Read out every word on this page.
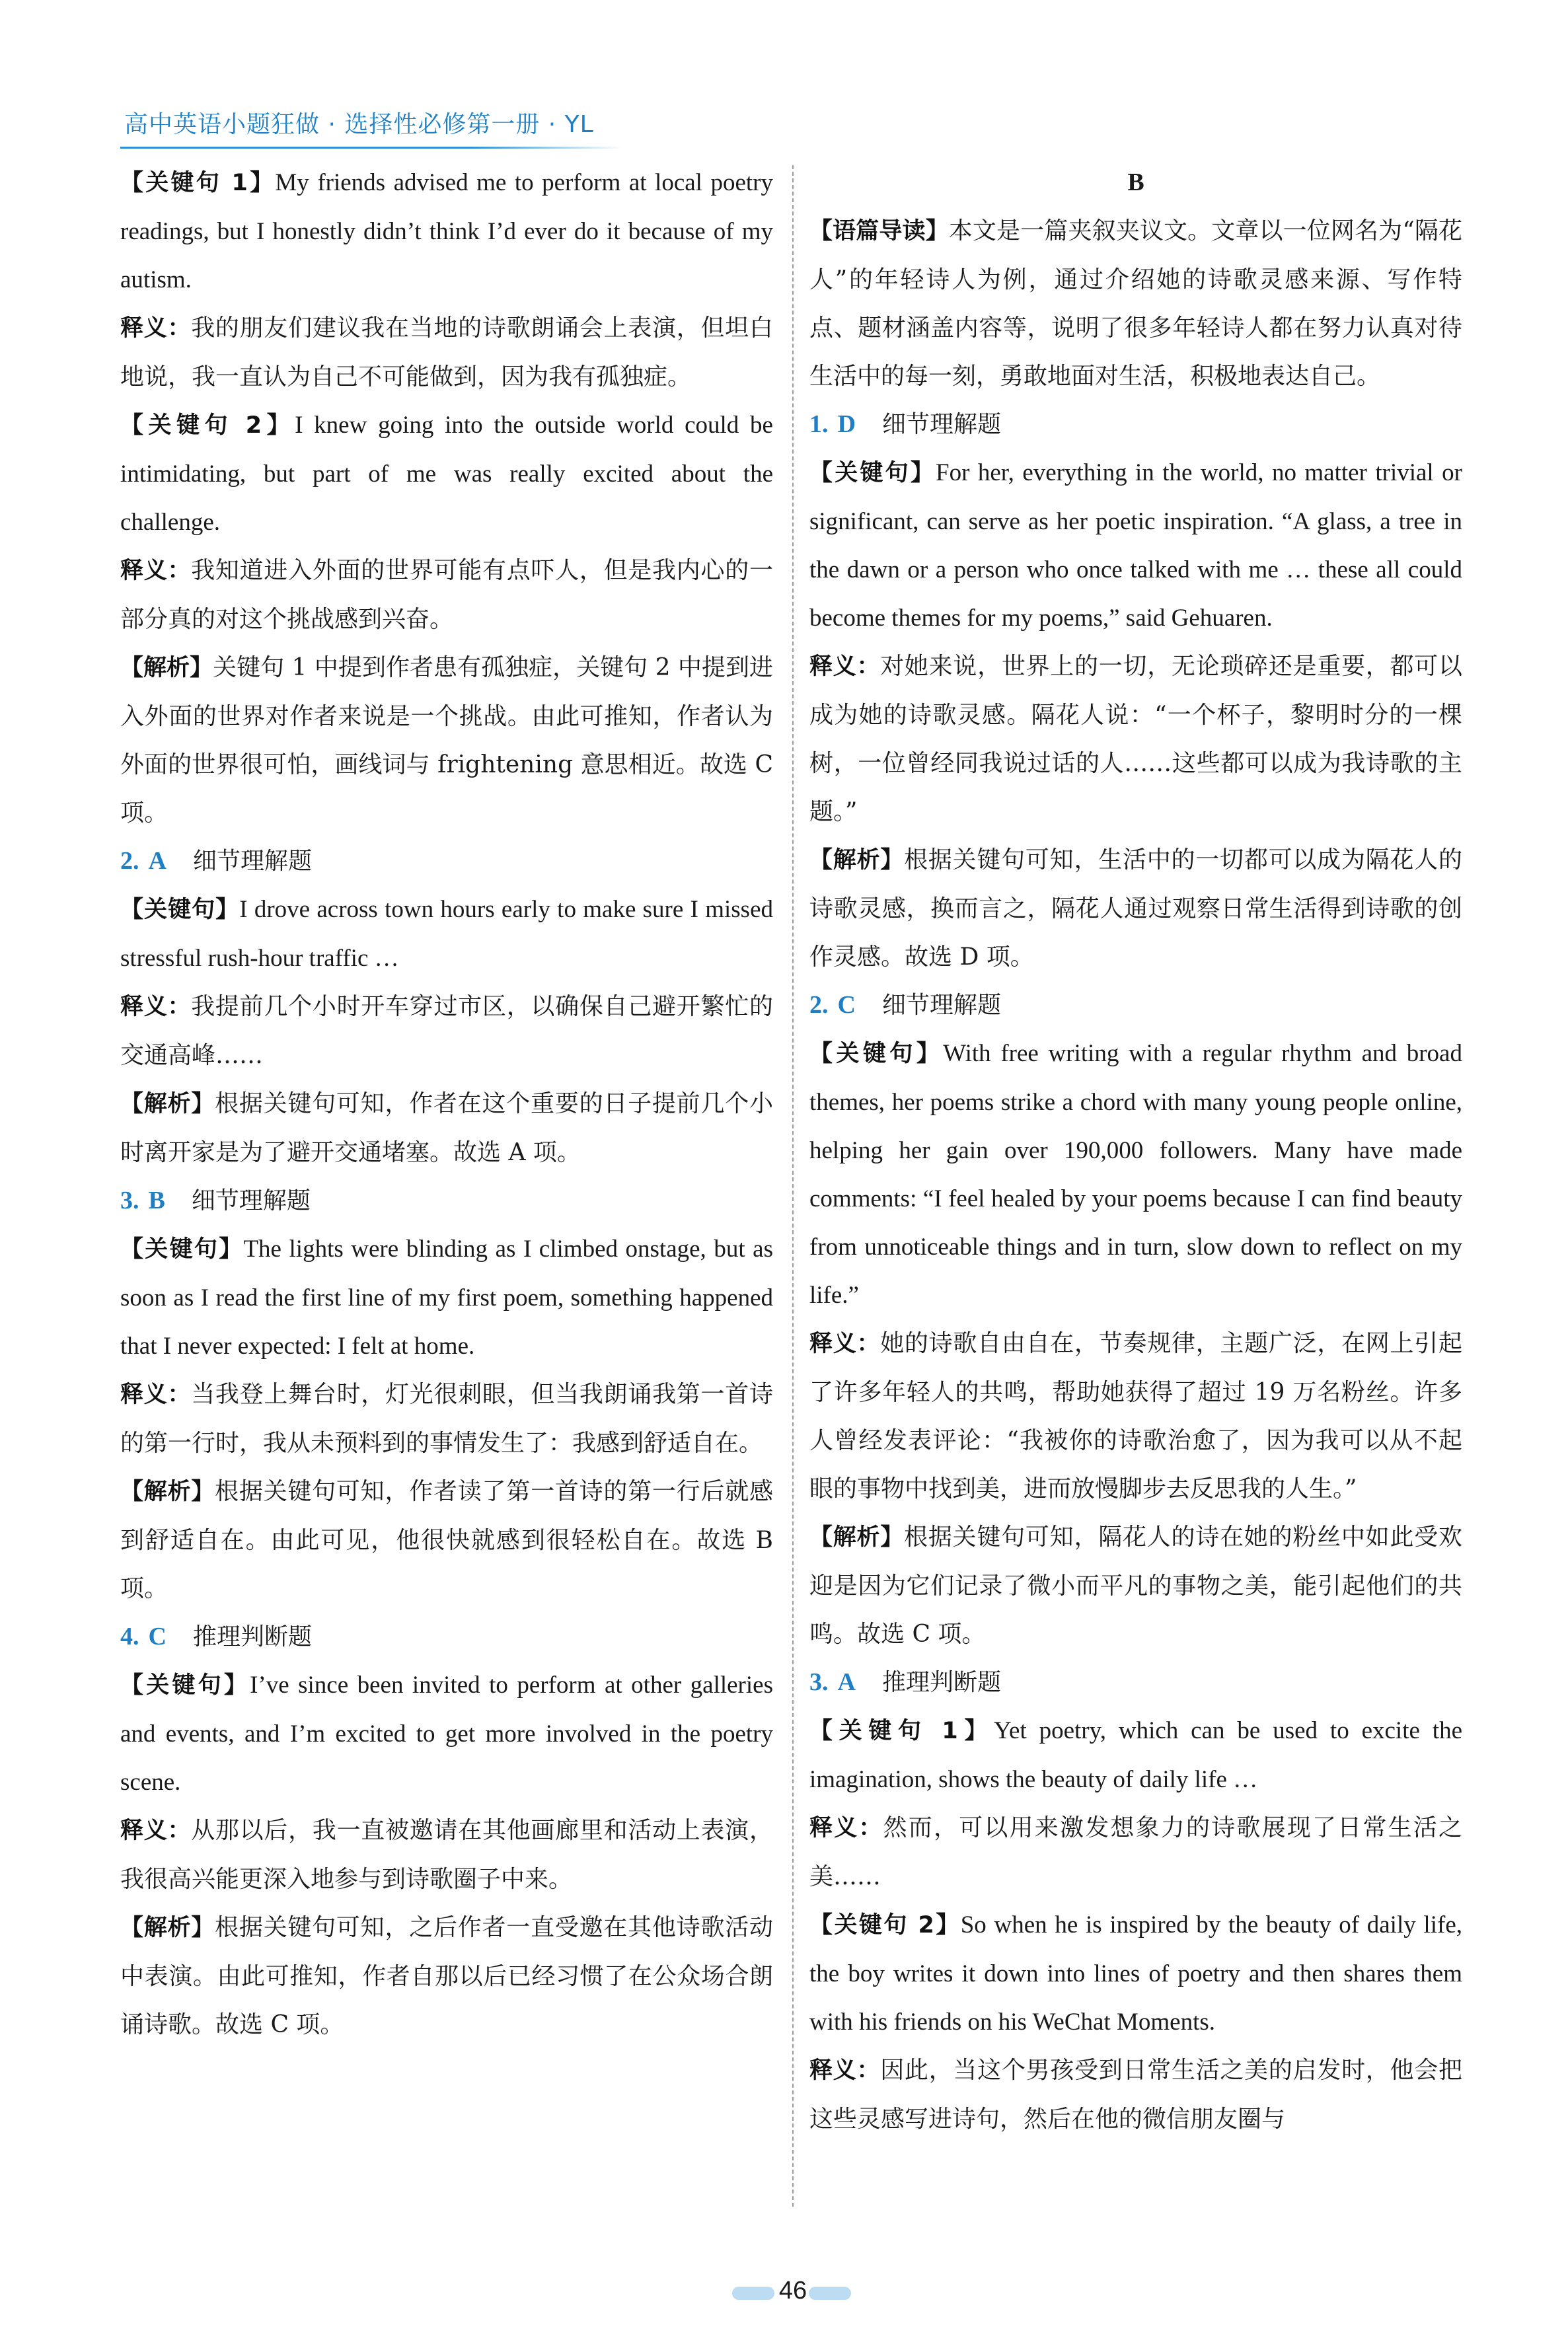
高中英语小题狂做 · 选择性必修第一册 · YL

【关键句 1】My friends advised me to perform at local poetry readings, but I honestly didn’t think I’d ever do it because of my autism.

释义：我的朋友们建议我在当地的诗歌朗诵会上表演，但坦白地说，我一直认为自己不可能做到，因为我有孤独症。

【关键句 2】I knew going into the outside world could be intimidating, but part of me was really excited about the challenge.

释义：我知道进入外面的世界可能有点吓人，但是我内心的一部分真的对这个挑战感到兴奋。

【解析】关键句 1 中提到作者患有孤独症，关键句 2 中提到进入外面的世界对作者来说是一个挑战。由此可推知，作者认为外面的世界很可怕，画线词与 frightening 意思相近。故选 C 项。

2. A 细节理解题

【关键句】I drove across town hours early to make sure I missed stressful rush-hour traffic …

释义：我提前几个小时开车穿过市区，以确保自己避开繁忙的交通高峰……

【解析】根据关键句可知，作者在这个重要的日子提前几个小时离开家是为了避开交通堵塞。故选 A 项。

3. B 细节理解题

【关键句】The lights were blinding as I climbed onstage, but as soon as I read the first line of my first poem, something happened that I never expected: I felt at home.

释义：当我登上舞台时，灯光很刺眼，但当我朗诵我第一首诗的第一行时，我从未预料到的事情发生了：我感到舒适自在。

【解析】根据关键句可知，作者读了第一首诗的第一行后就感到舒适自在。由此可见，他很快就感到很轻松自在。故选 B 项。

4. C 推理判断题

【关键句】I’ve since been invited to perform at other galleries and events, and I’m excited to get more involved in the poetry scene.

释义：从那以后，我一直被邀请在其他画廊里和活动上表演，我很高兴能更深入地参与到诗歌圈子中来。

【解析】根据关键句可知，之后作者一直受邀在其他诗歌活动中表演。由此可推知，作者自那以后已经习惯了在公众场合朗诵诗歌。故选 C 项。

B

【语篇导读】本文是一篇夹叙夹议文。文章以一位网名为“隔花人”的年轻诗人为例，通过介绍她的诗歌灵感来源、写作特点、题材涵盖内容等，说明了很多年轻诗人都在努力认真对待生活中的每一刻，勇敢地面对生活，积极地表达自己。

1. D 细节理解题

【关键句】For her, everything in the world, no matter trivial or significant, can serve as her poetic inspiration. “A glass, a tree in the dawn or a person who once talked with me … these all could become themes for my poems,” said Gehuaren.

释义：对她来说，世界上的一切，无论琐碎还是重要，都可以成为她的诗歌灵感。隔花人说：“一个杯子，黎明时分的一棵树，一位曾经同我说过话的人……这些都可以成为我诗歌的主题。”

【解析】根据关键句可知，生活中的一切都可以成为隔花人的诗歌灵感，换而言之，隔花人通过观察日常生活得到诗歌的创作灵感。故选 D 项。

2. C 细节理解题

【关键句】With free writing with a regular rhythm and broad themes, her poems strike a chord with many young people online, helping her gain over 190,000 followers. Many have made comments: “I feel healed by your poems because I can find beauty from unnoticeable things and in turn, slow down to reflect on my life.”

释义：她的诗歌自由自在，节奏规律，主题广泛，在网上引起了许多年轻人的共鸣，帮助她获得了超过 19 万名粉丝。许多人曾经发表评论：“我被你的诗歌治愈了，因为我可以从不起眼的事物中找到美，进而放慢脚步去反思我的人生。”

【解析】根据关键句可知，隔花人的诗在她的粉丝中如此受欢迎是因为它们记录了微小而平凡的事物之美，能引起他们的共鸣。故选 C 项。

3. A 推理判断题

【关键句 1】Yet poetry, which can be used to excite the imagination, shows the beauty of daily life …

释义：然而，可以用来激发想象力的诗歌展现了日常生活之美……

【关键句 2】So when he is inspired by the beauty of daily life, the boy writes it down into lines of poetry and then shares them with his friends on his WeChat Moments.

释义：因此，当这个男孩受到日常生活之美的启发时，他会把这些灵感写进诗句，然后在他的微信朋友圈与

46
